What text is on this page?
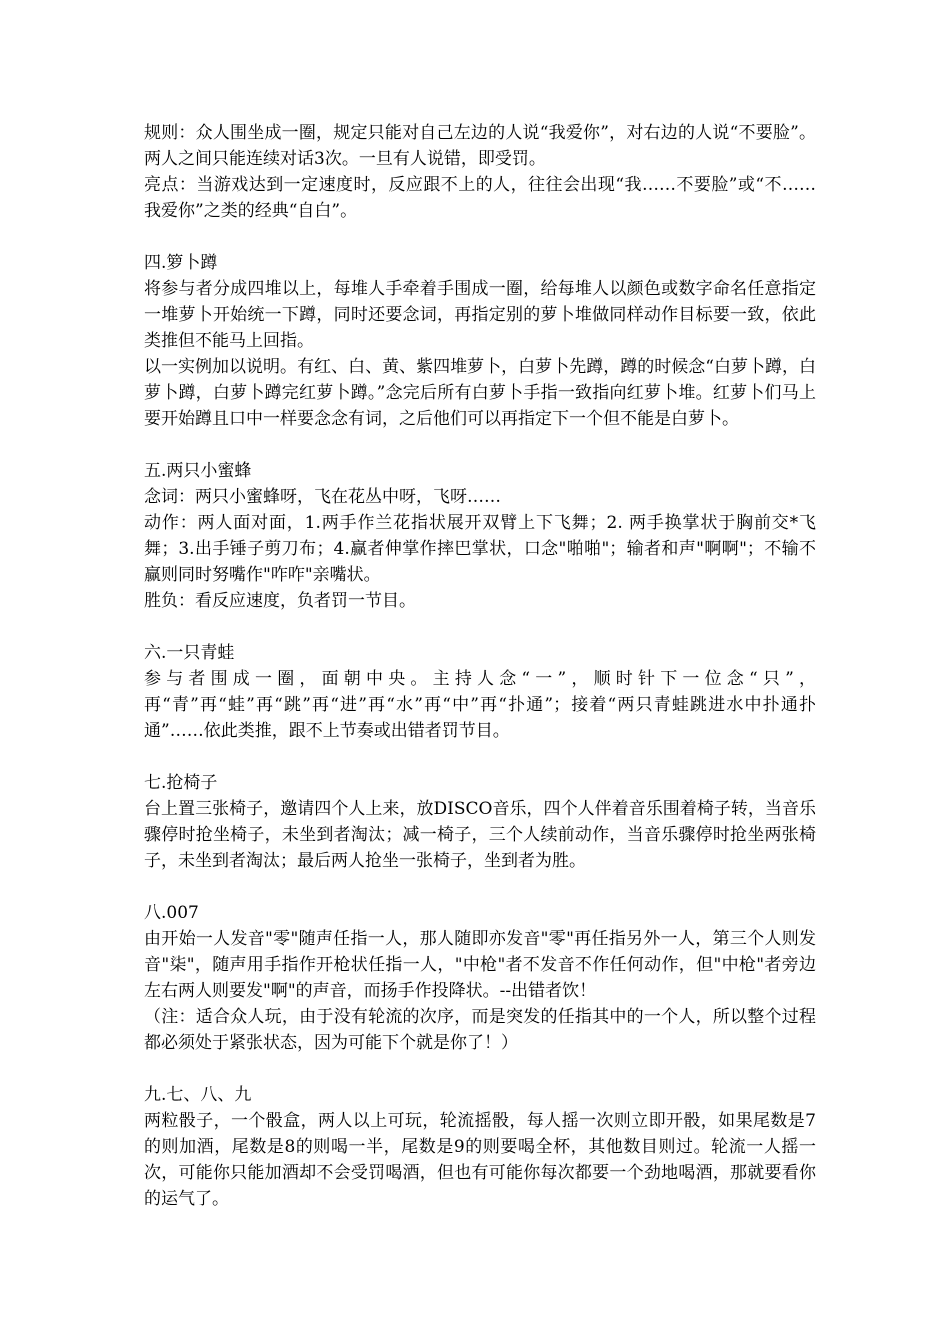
规则：众人围坐成一圈，规定只能对自己左边的人说“我爱你”，对右边的人说“不要脸”。两人之间只能连续对话3次。一旦有人说错，即受罚。
亮点：当游戏达到一定速度时，反应跟不上的人，往往会出现“我……不要脸”或“不……我爱你”之类的经典“自白”。
四.箩卜蹲
将参与者分成四堆以上，每堆人手牵着手围成一圈，给每堆人以颜色或数字命名任意指定一堆萝卜开始统一下蹲，同时还要念词，再指定别的萝卜堆做同样动作目标要一致，依此类推但不能马上回指。
以一实例加以说明。有红、白、黄、紫四堆萝卜，白萝卜先蹲，蹲的时候念“白萝卜蹲，白萝卜蹲，白萝卜蹲完红萝卜蹲。”念完后所有白萝卜手指一致指向红萝卜堆。红萝卜们马上要开始蹲且口中一样要念念有词，之后他们可以再指定下一个但不能是白萝卜。
五.两只小蜜蜂
念词：两只小蜜蜂呀，飞在花丛中呀，飞呀……
动作：两人面对面，1.两手作兰花指状展开双臂上下飞舞；2. 两手换掌状于胸前交*飞舞；3.出手锤子剪刀布；4.赢者伸掌作摔巴掌状，口念"啪啪"；输者和声"啊啊"；不输不赢则同时努嘴作"咋咋"亲嘴状。
胜负：看反应速度，负者罚一节目。
六.一只青蛙
参与者围成一圈，面朝中央。主持人念“一”，顺时针下一位念“只”，再“青”再“蛙”再“跳”再“进”再“水”再“中”再“扑通”；接着“两只青蛙跳进水中扑通扑通”……依此类推，跟不上节奏或出错者罚节目。
七.抢椅子
台上置三张椅子，邀请四个人上来，放DISCO音乐，四个人伴着音乐围着椅子转，当音乐骤停时抢坐椅子，未坐到者淘汰；减一椅子，三个人续前动作，当音乐骤停时抢坐两张椅子，未坐到者淘汰；最后两人抢坐一张椅子，坐到者为胜。
八.007
由开始一人发音"零"随声任指一人，那人随即亦发音"零"再任指另外一人，第三个人则发 音"柒"，随声用手指作开枪状任指一人，"中枪"者不发音不作任何动作，但"中枪"者旁边左右两人则要发"啊"的声音，而扬手作投降状。--出错者饮！
（注：适合众人玩，由于没有轮流的次序，而是突发的任指其中的一个人，所以整个过程都必须处于紧张状态，因为可能下个就是你了！）
九.七、八、九
两粒骰子，一个骰盒，两人以上可玩，轮流摇骰，每人摇一次则立即开骰，如果尾数是7的则加酒，尾数是8的则喝一半，尾数是9的则要喝全杯，其他数目则过。轮流一人摇一次，可能你只能加酒却不会受罚喝酒，但也有可能你每次都要一个劲地喝酒，那就要看你的运气了。
